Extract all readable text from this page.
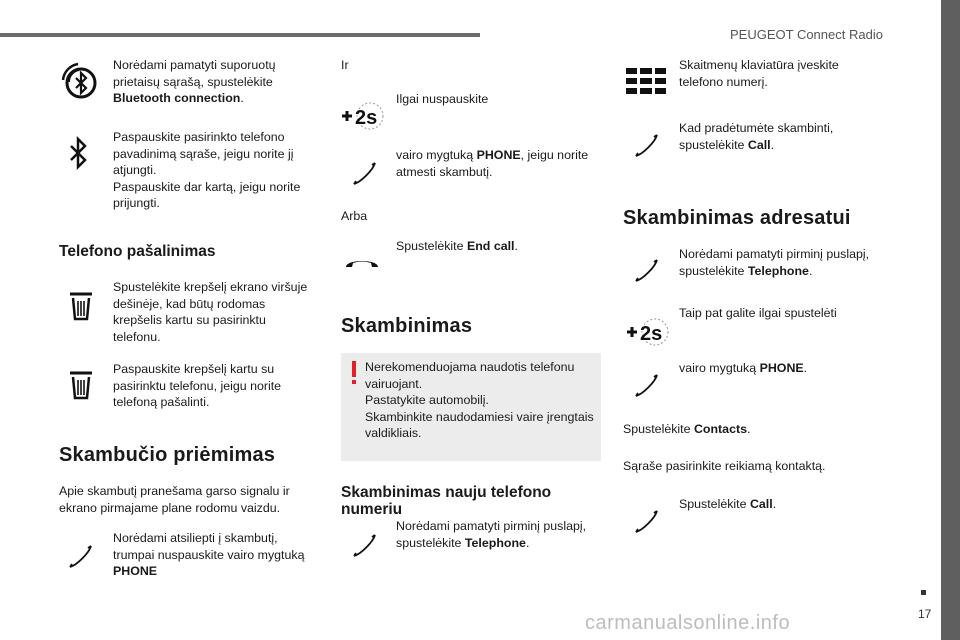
PEUGEOT Connect Radio
17
Norėdami pamatyti suporuotų prietaisų sąrašą, spustelėkite Bluetooth connection.
Paspauskite pasirinkto telefono pavadinimą sąraše, jeigu norite jį atjungti.
Paspauskite dar kartą, jeigu norite prijungti.
Telefono pašalinimas
Spustelėkite krepšelį ekrano viršuje dešinėje, kad būtų rodomas krepšelis kartu su pasirinktu telefonu.
Paspauskite krepšelį kartu su pasirinktu telefonu, jeigu norite telefoną pašalinti.
Skambučio priėmimas
Apie skambutį pranešama garso signalu ir ekrano pirmajame plane rodomu vaizdu.
Norėdami atsiliepti į skambutį, trumpai nuspauskite vairo mygtuką PHONE
Ir
2s
Ilgai nuspauskite
vairo mygtuką PHONE, jeigu norite atmesti skambutį.
Arba
Spustelėkite End call.
Skambinimas
Nerekomenduojama naudotis telefonu vairuojant.
Pastatykite automobilį.
Skambinkite naudodamiesi vaire įrengtais valdikliais.
Skambinimas nauju telefono numeriu
Norėdami pamatyti pirminį puslapį, spustelėkite Telephone.
Skaitmenų klaviatūra įveskite telefono numerį.
Kad pradėtumėte skambinti, spustelėkite Call.
Skambinimas adresatui
Norėdami pamatyti pirminį puslapį, spustelėkite Telephone.
2s
Taip pat galite ilgai spustelėti
vairo mygtuką PHONE.
Spustelėkite Contacts.
Sąraše pasirinkite reikiamą kontaktą.
Spustelėkite Call.
carmanualsonline.info
